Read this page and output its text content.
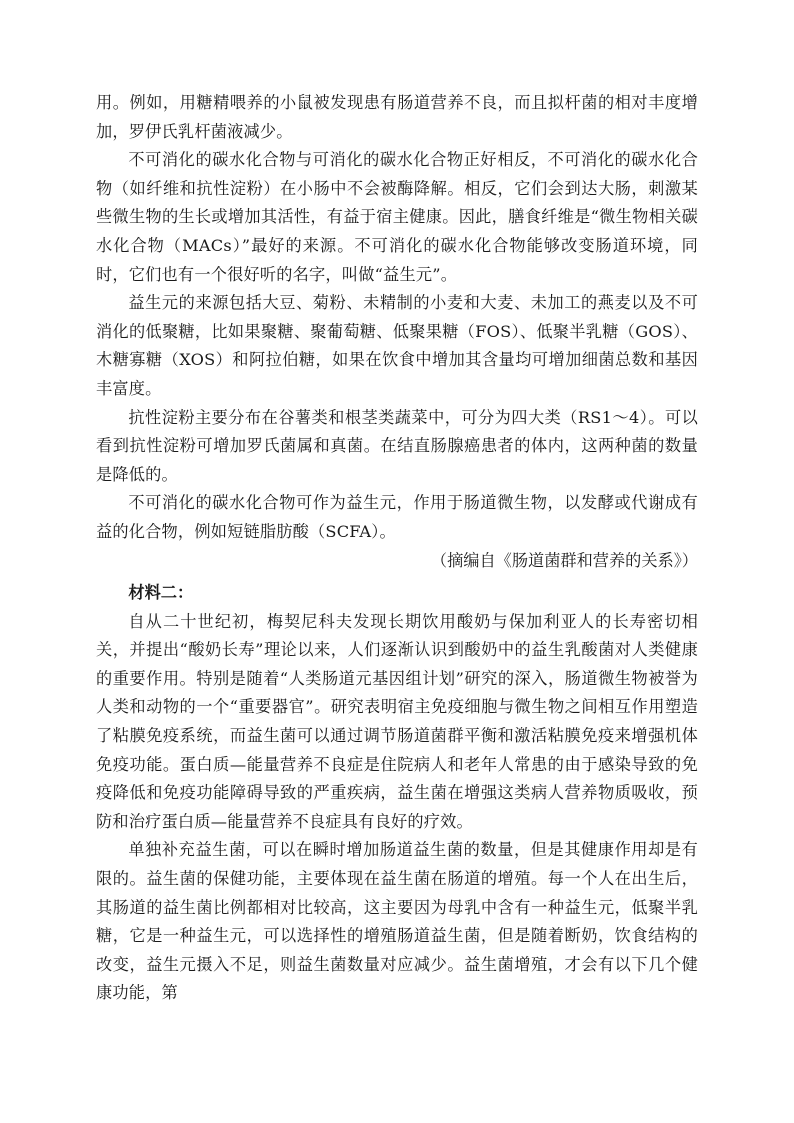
用。例如，用糖精喂养的小鼠被发现患有肠道营养不良，而且拟杆菌的相对丰度增加，罗伊氏乳杆菌液减少。

不可消化的碳水化合物与可消化的碳水化合物正好相反，不可消化的碳水化合物（如纤维和抗性淀粉）在小肠中不会被酶降解。相反，它们会到达大肠，刺激某些微生物的生长或增加其活性，有益于宿主健康。因此，膳食纤维是“微生物相关碳水化合物（MACs）”最好的来源。不可消化的碳水化合物能够改变肠道环境，同时，它们也有一个很好听的名字，叫做“益生元”。

益生元的来源包括大豆、菊粉、未精制的小麦和大麦、未加工的燕麦以及不可消化的低聚糖，比如果聚糖、聚葡萄糖、低聚果糖（FOS）、低聚半乳糖（GOS）、木糖寡糖（XOS）和阿拉伯糖，如果在饮食中增加其含量均可增加细菌总数和基因丰富度。

抗性淀粉主要分布在谷薯类和根茎类蔬菜中，可分为四大类（RS1～4）。可以看到抗性淀粉可增加罗氏菌属和真菌。在结直肠腺癌患者的体内，这两种菌的数量是降低的。

不可消化的碳水化合物可作为益生元，作用于肠道微生物，以发酵或代谢成有益的化合物，例如短链脂肪酸（SCFA）。

（摘编自《肠道菌群和营养的关系》）

材料二：

自从二十世纪初，梅契尼科夫发现长期饮用酸奶与保加利亚人的长寿密切相关，并提出“酸奶长寿”理论以来，人们逐渐认识到酸奶中的益生乳酸菌对人类健康的重要作用。特别是随着“人类肠道元基因组计划”研究的深入，肠道微生物被誉为人类和动物的一个“重要器官”。研究表明宿主免疫细胞与微生物之间相互作用塑造了粘膜免疫系统，而益生菌可以通过调节肠道菌群平衡和激活粘膜免疫来增强机体免疫功能。蛋白质—能量营养不良症是住院病人和老年人常患的由于感染导致的免疫降低和免疫功能障碍导致的严重疾病，益生菌在增强这类病人营养物质吸收，预防和治疗蛋白质—能量营养不良症具有良好的疗效。

单独补充益生菌，可以在瞬时增加肠道益生菌的数量，但是其健康作用却是有限的。益生菌的保健功能，主要体现在益生菌在肠道的增殖。每一个人在出生后，其肠道的益生菌比例都相对比较高，这主要因为母乳中含有一种益生元，低聚半乳糖，它是一种益生元，可以选择性的增殖肠道益生菌，但是随着断奶，饮食结构的改变，益生元摄入不足，则益生菌数量对应减少。益生菌增殖，才会有以下几个健康功能，第
